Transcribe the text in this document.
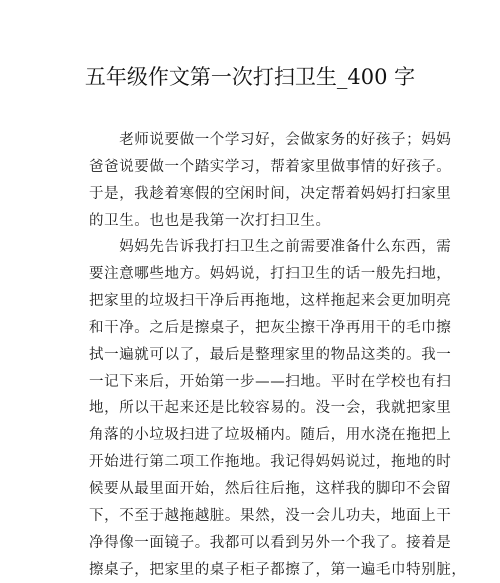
五年级作文第一次打扫卫生_400 字
　　老师说要做一个学习好，会做家务的好孩子；妈妈
爸爸说要做一个踏实学习，帮着家里做事情的好孩子。
于是，我趁着寒假的空闲时间，决定帮着妈妈打扫家里
的卫生。也也是我第一次打扫卫生。
　　妈妈先告诉我打扫卫生之前需要准备什么东西，需
要注意哪些地方。妈妈说，打扫卫生的话一般先扫地，
把家里的垃圾扫干净后再拖地，这样拖起来会更加明亮
和干净。之后是擦桌子，把灰尘擦干净再用干的毛巾擦
拭一遍就可以了，最后是整理家里的物品这类的。我一
一记下来后，开始第一步——扫地。平时在学校也有扫
地，所以干起来还是比较容易的。没一会，我就把家里
角落的小垃圾扫进了垃圾桶内。随后，用水浇在拖把上
开始进行第二项工作拖地。我记得妈妈说过，拖地的时
候要从最里面开始，然后往后拖，这样我的脚印不会留
下，不至于越拖越脏。果然，没一会儿功夫，地面上干
净得像一面镜子。我都可以看到另外一个我了。接着是
擦桌子，把家里的桌子柜子都擦了，第一遍毛巾特别脏，
